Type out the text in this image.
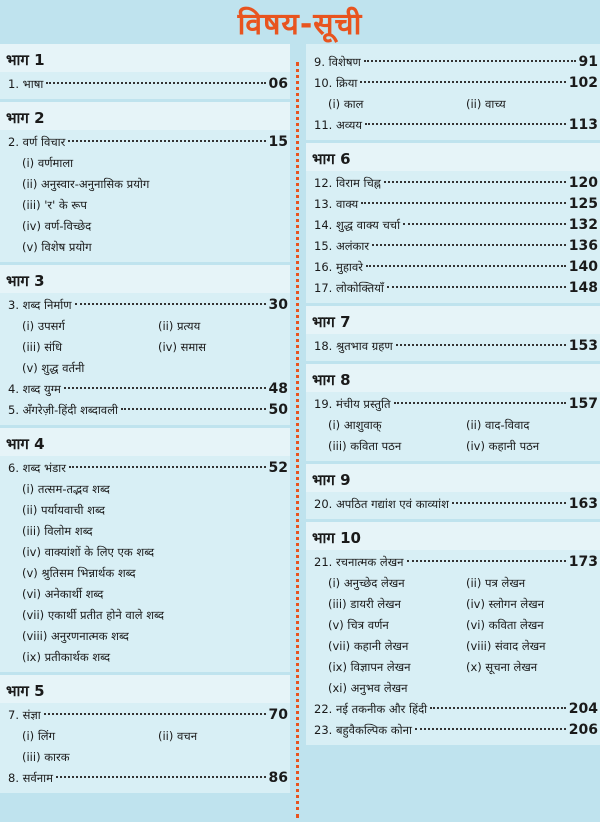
विषय-सूची
भाग 1
1. भाषा	06
भाग 2
2. वर्ण विचार	15
(i) वर्णमाला
(ii) अनुस्वार-अनुनासिक प्रयोग
(iii) 'र' के रूप
(iv) वर्ण-विच्छेद
(v) विशेष प्रयोग
भाग 3
3. शब्द निर्माण	30
(i) उपसर्ग	(ii) प्रत्यय
(iii) संधि	(iv) समास
(v) शुद्ध वर्तनी
4. शब्द युग्म	48
5. अँगरेज़ी-हिंदी शब्दावली	50
भाग 4
6. शब्द भंडार	52
(i) तत्सम-तद्भव शब्द
(ii) पर्यायवाची शब्द
(iii) विलोम शब्द
(iv) वाक्यांशों के लिए एक शब्द
(v) श्रुतिसम भिन्नार्थक शब्द
(vi) अनेकार्थी शब्द
(vii) एकार्थी प्रतीत होने वाले शब्द
(viii) अनुरणनात्मक शब्द
(ix) प्रतीकार्थक शब्द
भाग 5
7. संज्ञा	70
(i) लिंग	(ii) वचन
(iii) कारक
8. सर्वनाम	86
9. विशेषण	91
10. क्रिया	102
(i) काल	(ii) वाच्य
11. अव्यय	113
भाग 6
12. विराम चिह्न	120
13. वाक्य	125
14. शुद्ध वाक्य चर्चा	132
15. अलंकार	136
16. मुहावरे	140
17. लोकोक्तियाँ	148
भाग 7
18. श्रुतभाव ग्रहण	153
भाग 8
19. मंचीय प्रस्तुति	157
(i) आशुवाक्	(ii) वाद-विवाद
(iii) कविता पठन	(iv) कहानी पठन
भाग 9
20. अपठित गद्यांश एवं काव्यांश	163
भाग 10
21. रचनात्मक लेखन	173
(i) अनुच्छेद लेखन	(ii) पत्र लेखन
(iii) डायरी लेखन	(iv) स्लोगन लेखन
(v) चित्र वर्णन	(vi) कविता लेखन
(vii) कहानी लेखन	(viii) संवाद लेखन
(ix) विज्ञापन लेखन	(x) सूचना लेखन
(xi) अनुभव लेखन
22. नई तकनीक और हिंदी	204
23. बहुवैकल्पिक कोना	206
